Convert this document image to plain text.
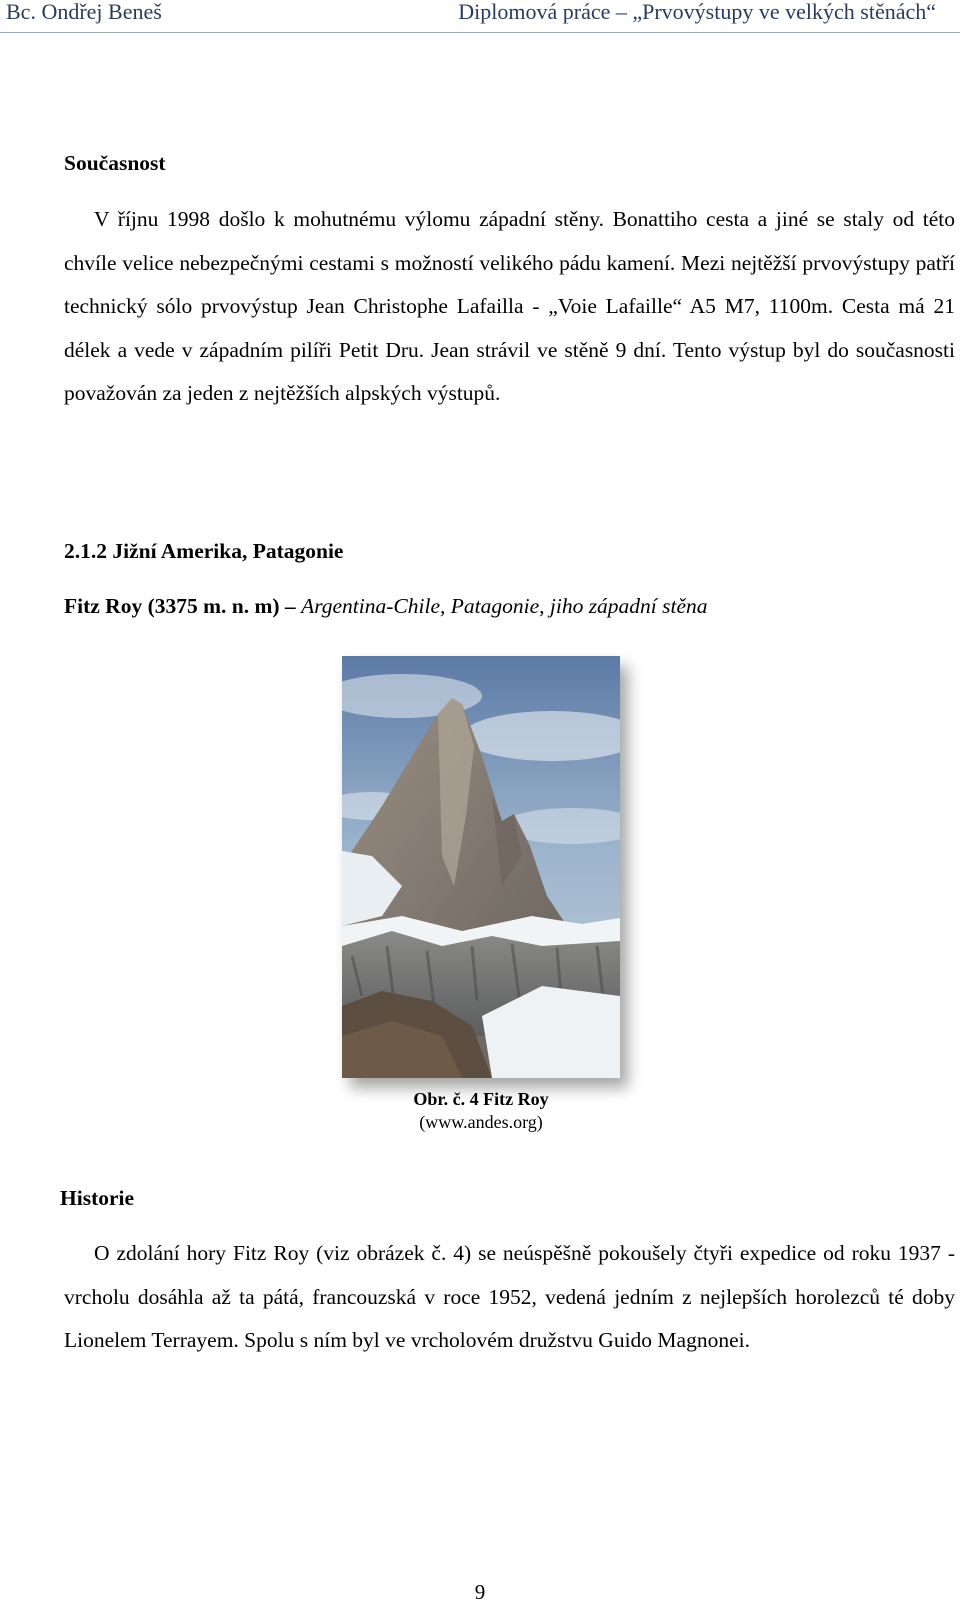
Bc. Ondřej Beneš	Diplomová práce – „Prvovýstupy ve velkých stěnách“
Současnost
V říjnu 1998 došlo k mohutnému výlomu západní stěny. Bonattiho cesta a jiné se staly od této chvíle velice nebezpečnými cestami s možností velikého pádu kamení. Mezi nejtěžší prvovýstupy patří technický sólo prvovýstup Jean Christophe Lafailla - „Voie Lafaille“ A5 M7, 1100m. Cesta má 21 délek a vede v západním pilíři Petit Dru. Jean strávil ve stěně 9 dní. Tento výstup byl do současnosti považován za jeden z nejtěžších alpských výstupů.
2.1.2 Jižní Amerika, Patagonie
Fitz Roy (3375 m. n. m) – Argentina-Chile, Patagonie, jiho západní stěna
Obr. č. 4 Fitz Roy
(www.andes.org)
Historie
O zdolání hory Fitz Roy (viz obrázek č. 4) se neúspěšně pokoušely čtyři expedice od roku 1937 - vrcholu dosáhla až ta pátá, francouzská v roce 1952, vedená jedním z nejlepších horolezců té doby Lionelem Terrayem. Spolu s ním byl ve vrcholovém družstvu Guido Magnonei.
9
